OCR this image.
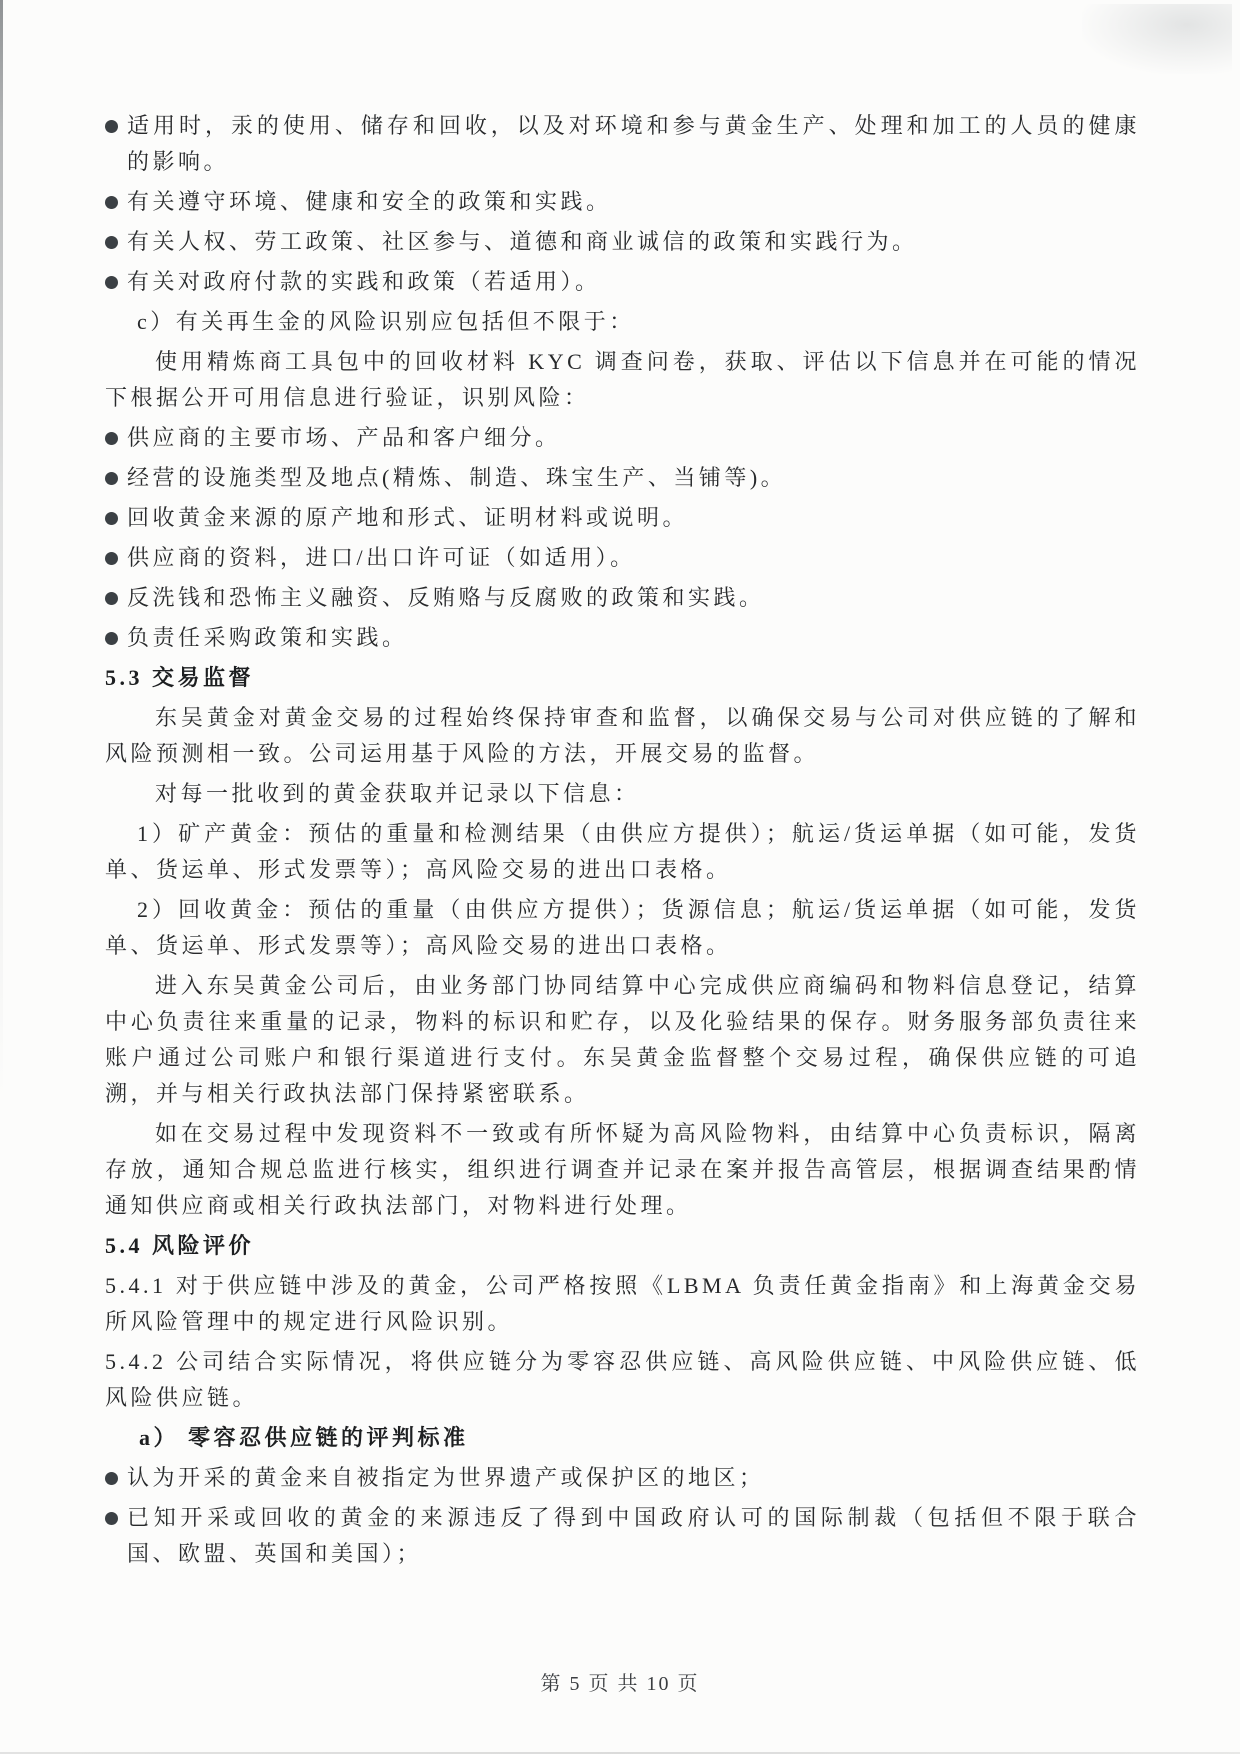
适用时，汞的使用、储存和回收，以及对环境和参与黄金生产、处理和加工的人员的健康的影响。
有关遵守环境、健康和安全的政策和实践。
有关人权、劳工政策、社区参与、道德和商业诚信的政策和实践行为。
有关对政府付款的实践和政策（若适用）。

c）有关再生金的风险识别应包括但不限于：

使用精炼商工具包中的回收材料 KYC 调查问卷，获取、评估以下信息并在可能的情况下根据公开可用信息进行验证，识别风险：

供应商的主要市场、产品和客户细分。
经营的设施类型及地点(精炼、制造、珠宝生产、当铺等)。
回收黄金来源的原产地和形式、证明材料或说明。
供应商的资料，进口/出口许可证（如适用）。
反洗钱和恐怖主义融资、反贿赂与反腐败的政策和实践。
负责任采购政策和实践。
5.3 交易监督

东吴黄金对黄金交易的过程始终保持审查和监督，以确保交易与公司对供应链的了解和风险预测相一致。公司运用基于风险的方法，开展交易的监督。

对每一批收到的黄金获取并记录以下信息：

1）矿产黄金：预估的重量和检测结果（由供应方提供）；航运/货运单据（如可能，发货单、货运单、形式发票等）；高风险交易的进出口表格。

2）回收黄金：预估的重量（由供应方提供）；货源信息；航运/货运单据（如可能，发货单、货运单、形式发票等）；高风险交易的进出口表格。

进入东吴黄金公司后，由业务部门协同结算中心完成供应商编码和物料信息登记，结算中心负责往来重量的记录，物料的标识和贮存，以及化验结果的保存。财务服务部负责往来账户通过公司账户和银行渠道进行支付。东吴黄金监督整个交易过程，确保供应链的可追溯，并与相关行政执法部门保持紧密联系。

如在交易过程中发现资料不一致或有所怀疑为高风险物料，由结算中心负责标识，隔离存放，通知合规总监进行核实，组织进行调查并记录在案并报告高管层，根据调查结果酌情通知供应商或相关行政执法部门，对物料进行处理。

5.4 风险评价

5.4.1 对于供应链中涉及的黄金，公司严格按照《LBMA 负责任黄金指南》和上海黄金交易所风险管理中的规定进行风险识别。

5.4.2 公司结合实际情况，将供应链分为零容忍供应链、高风险供应链、中风险供应链、低风险供应链。

a） 零容忍供应链的评判标准
认为开采的黄金来自被指定为世界遗产或保护区的地区；
已知开采或回收的黄金的来源违反了得到中国政府认可的国际制裁（包括但不限于联合国、欧盟、英国和美国）；
第 5 页 共 10 页
